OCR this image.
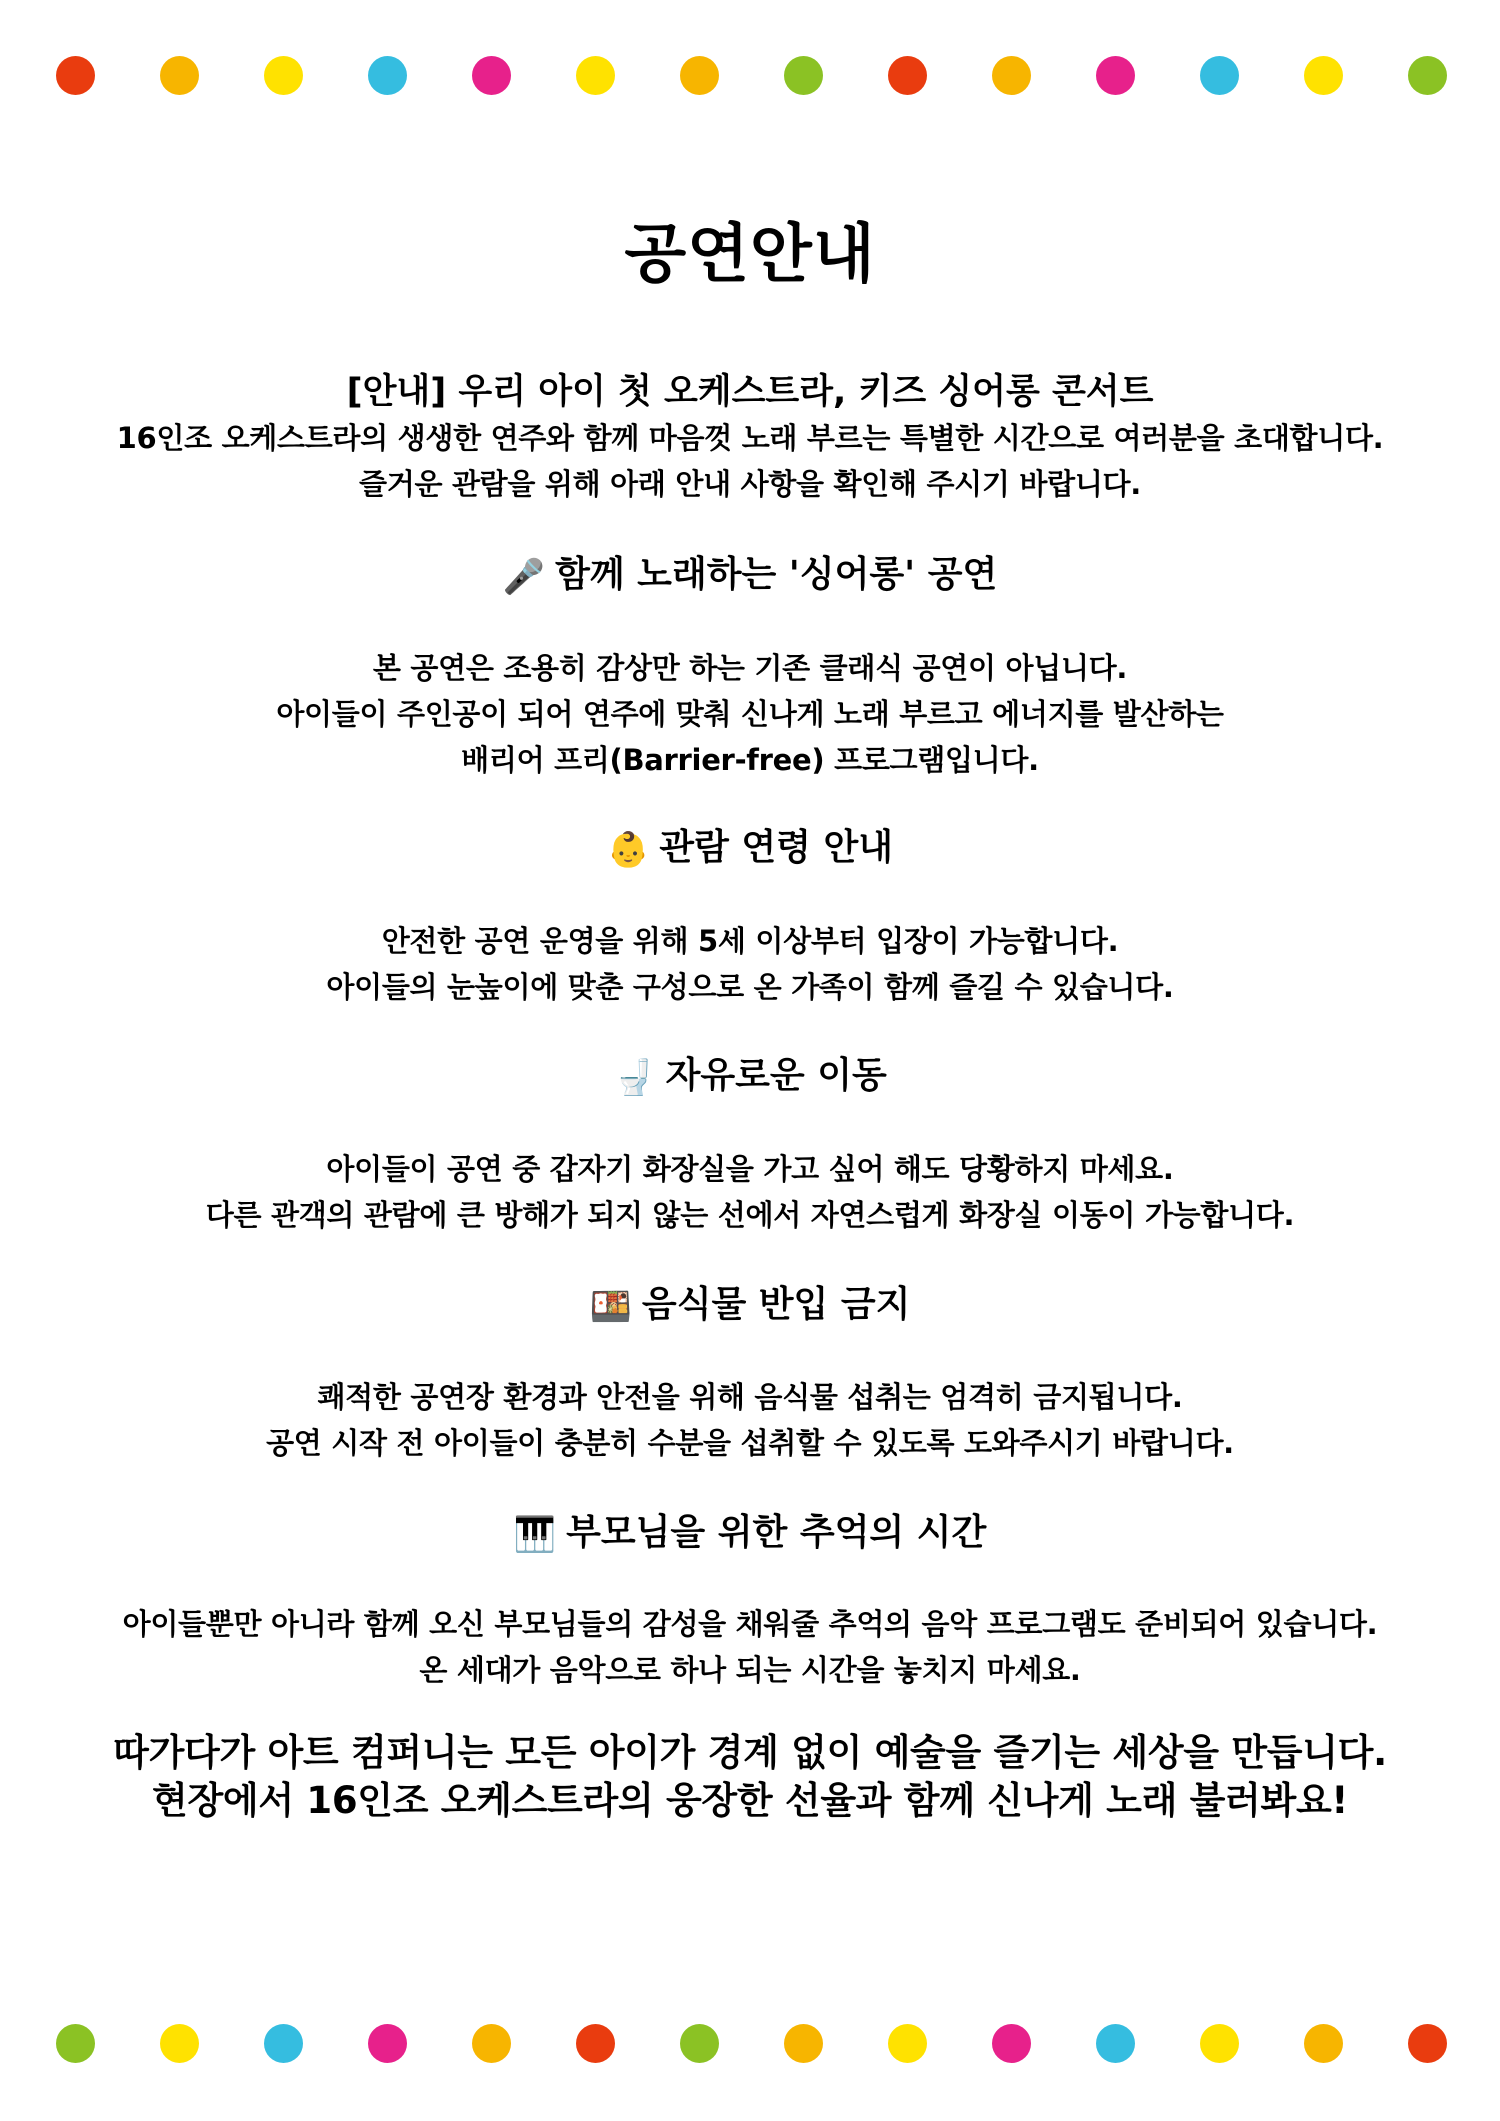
공연안내
[안내] 우리 아이 첫 오케스트라, 키즈 싱어롱 콘서트
16인조 오케스트라의 생생한 연주와 함께 마음껏 노래 부르는 특별한 시간으로 여러분을 초대합니다.
즐거운 관람을 위해 아래 안내 사항을 확인해 주시기 바랍니다.
🎤 함께 노래하는 '싱어롱' 공연
본 공연은 조용히 감상만 하는 기존 클래식 공연이 아닙니다.
아이들이 주인공이 되어 연주에 맞춰 신나게 노래 부르고 에너지를 발산하는
배리어 프리(Barrier-free) 프로그램입니다.
👶 관람 연령 안내
안전한 공연 운영을 위해 5세 이상부터 입장이 가능합니다.
아이들의 눈높이에 맞춘 구성으로 온 가족이 함께 즐길 수 있습니다.
🚽 자유로운 이동
아이들이 공연 중 갑자기 화장실을 가고 싶어 해도 당황하지 마세요.
다른 관객의 관람에 큰 방해가 되지 않는 선에서 자연스럽게 화장실 이동이 가능합니다.
🍱 음식물 반입 금지
쾌적한 공연장 환경과 안전을 위해 음식물 섭취는 엄격히 금지됩니다.
공연 시작 전 아이들이 충분히 수분을 섭취할 수 있도록 도와주시기 바랍니다.
🎹 부모님을 위한 추억의 시간
아이들뿐만 아니라 함께 오신 부모님들의 감성을 채워줄 추억의 음악 프로그램도 준비되어 있습니다.
온 세대가 음악으로 하나 되는 시간을 놓치지 마세요.
따가다가 아트 컴퍼니는 모든 아이가 경계 없이 예술을 즐기는 세상을 만듭니다.
현장에서 16인조 오케스트라의 웅장한 선율과 함께 신나게 노래 불러봐요!
